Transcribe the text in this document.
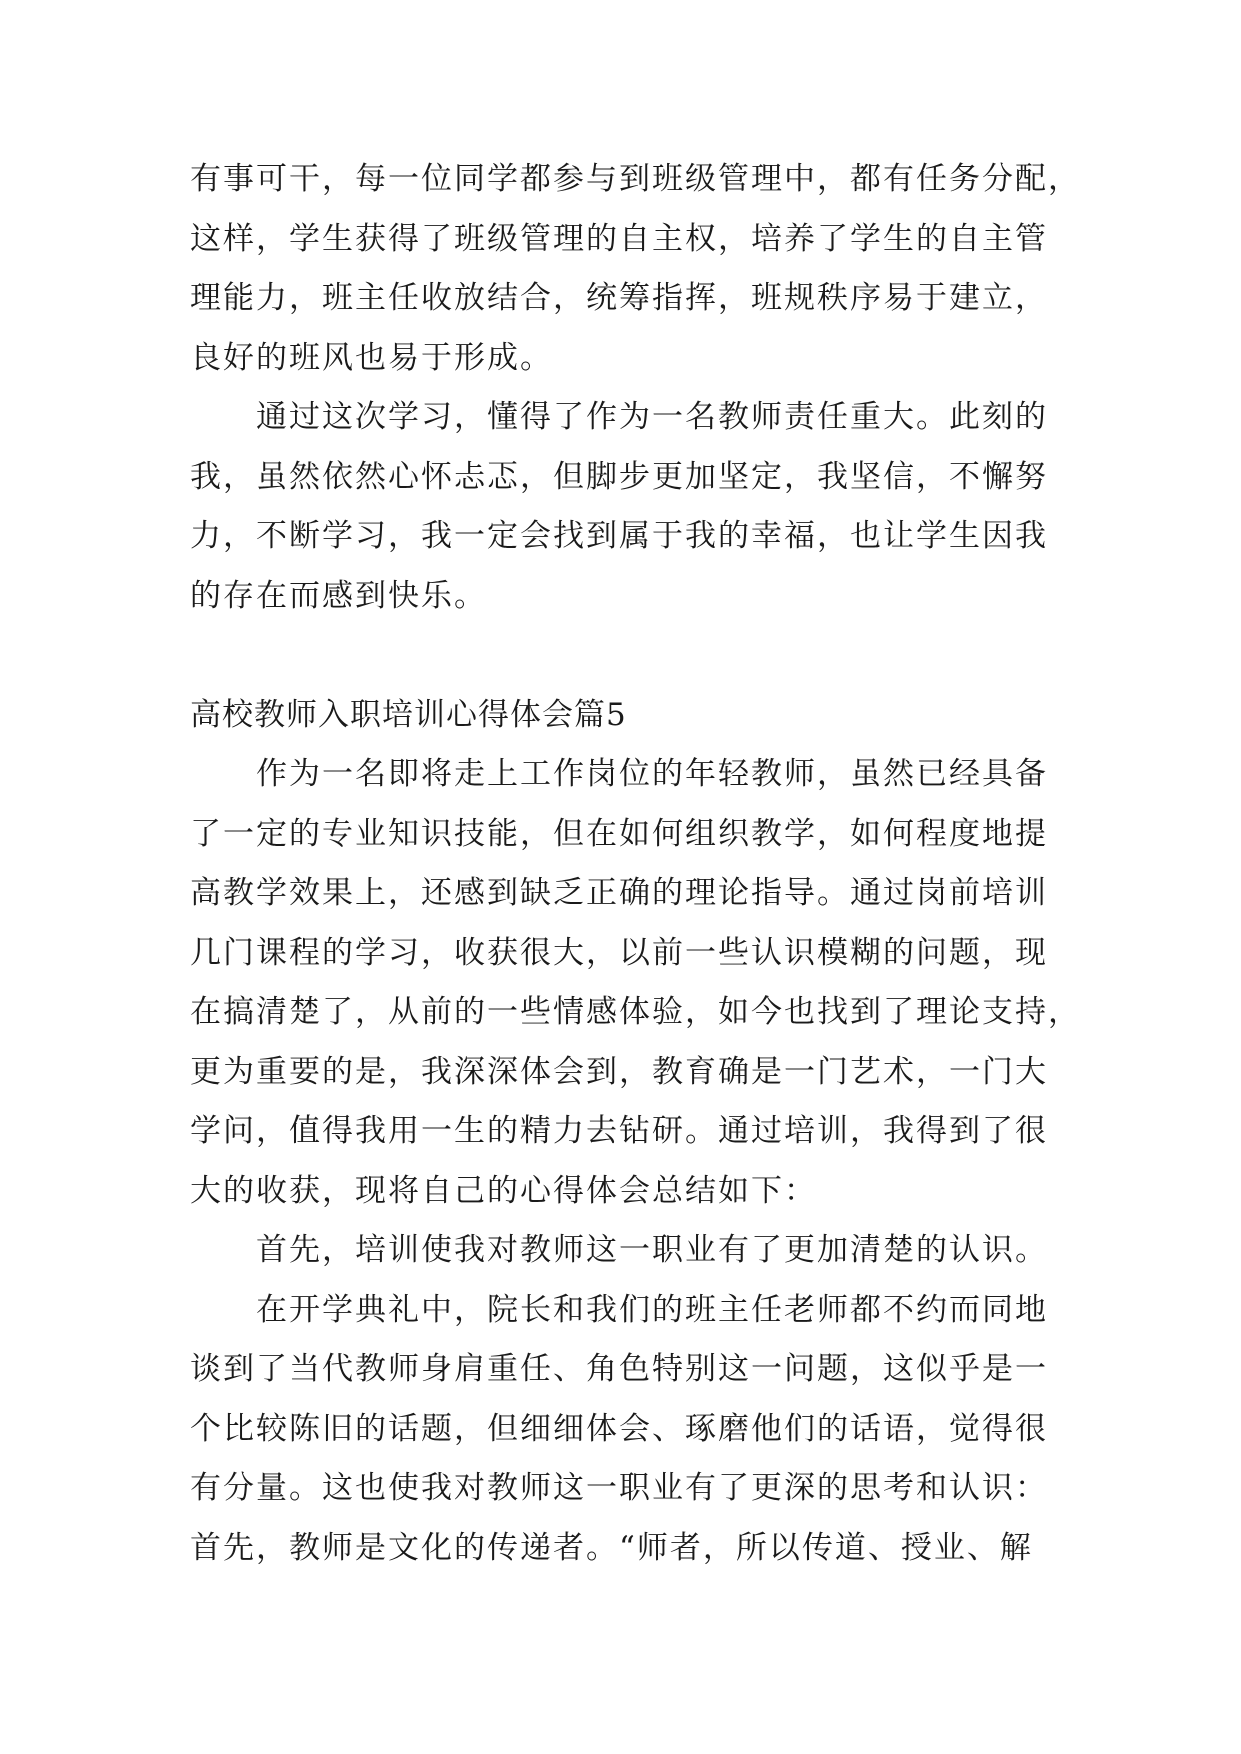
有事可干，每一位同学都参与到班级管理中，都有任务分配，
这样，学生获得了班级管理的自主权，培养了学生的自主管
理能力，班主任收放结合，统筹指挥，班规秩序易于建立，
良好的班风也易于形成。
通过这次学习，懂得了作为一名教师责任重大。此刻的
我，虽然依然心怀忐忑，但脚步更加坚定，我坚信，不懈努
力，不断学习，我一定会找到属于我的幸福，也让学生因我
的存在而感到快乐。
高校教师入职培训心得体会篇5
作为一名即将走上工作岗位的年轻教师，虽然已经具备
了一定的专业知识技能，但在如何组织教学，如何程度地提
高教学效果上，还感到缺乏正确的理论指导。通过岗前培训
几门课程的学习，收获很大，以前一些认识模糊的问题，现
在搞清楚了，从前的一些情感体验，如今也找到了理论支持，
更为重要的是，我深深体会到，教育确是一门艺术，一门大
学问，值得我用一生的精力去钻研。通过培训，我得到了很
大的收获，现将自己的心得体会总结如下：
首先，培训使我对教师这一职业有了更加清楚的认识。
在开学典礼中，院长和我们的班主任老师都不约而同地
谈到了当代教师身肩重任、角色特别这一问题，这似乎是一
个比较陈旧的话题，但细细体会、琢磨他们的话语，觉得很
有分量。这也使我对教师这一职业有了更深的思考和认识：
首先，教师是文化的传递者。“师者，所以传道、授业、解
